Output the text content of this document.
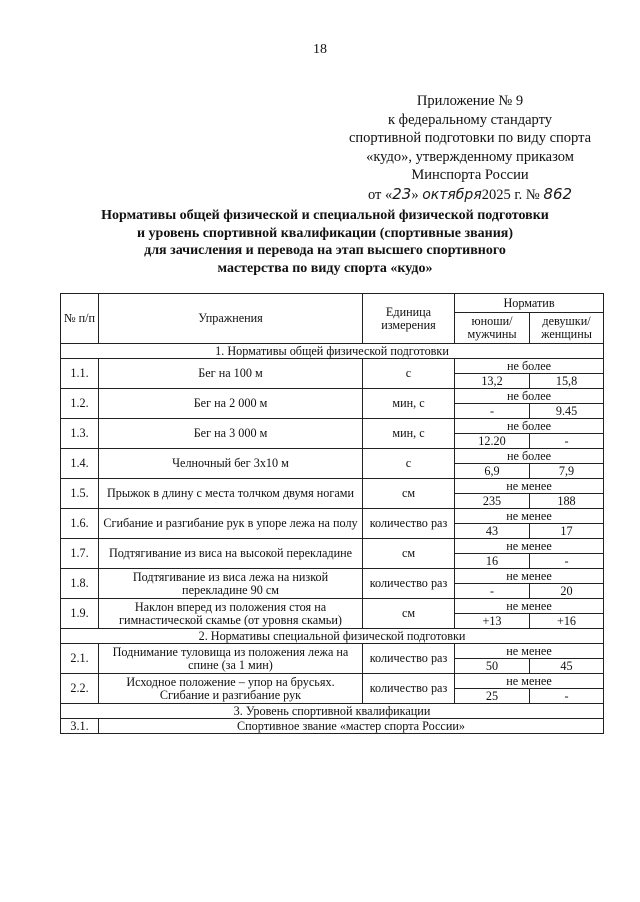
18
Приложение № 9
к федеральному стандарту
спортивной подготовки по виду спорта
«кудо», утвержденному приказом
Минспорта России
от «23» октября2025 г. № 862
Нормативы общей физической и специальной физической подготовки
и уровень спортивной квалификации (спортивные звания)
для зачисления и перевода на этап высшего спортивного
мастерства по виду спорта «кудо»
№ п/п	Упражнения	Единица измерения	Норматив	
			юноши/ мужчины	девушки/ женщины
1. Нормативы общей физической подготовки				
1.1.	Бег на 100 м	с	не более	
			13,2	15,8
1.2.	Бег на 2 000 м	мин, с	не более	
			-	9.45
1.3.	Бег на 3 000 м	мин, с	не более	
			12.20	-
1.4.	Челночный бег 3х10 м	с	не более	
			6,9	7,9
1.5.	Прыжок в длину с места толчком двумя ногами	см	не менее	
			235	188
1.6.	Сгибание и разгибание рук в упоре лежа на полу	количество раз	не менее	
			43	17
1.7.	Подтягивание из виса на высокой перекладине	см	не менее	
			16	-
1.8.	Подтягивание из виса лежа на низкой перекладине 90 см	количество раз	не менее	
			-	20
1.9.	Наклон вперед из положения стоя на гимнастической скамье (от уровня скамьи)	см	не менее	
			+13	+16
2. Нормативы специальной физической подготовки				
2.1.	Поднимание туловища из положения лежа на спине (за 1 мин)	количество раз	не менее	
			50	45
2.2.	Исходное положение – упор на брусьях. Сгибание и разгибание рук	количество раз	не менее	
			25	-
3. Уровень спортивной квалификации				
3.1.	Спортивное звание «мастер спорта России»			
